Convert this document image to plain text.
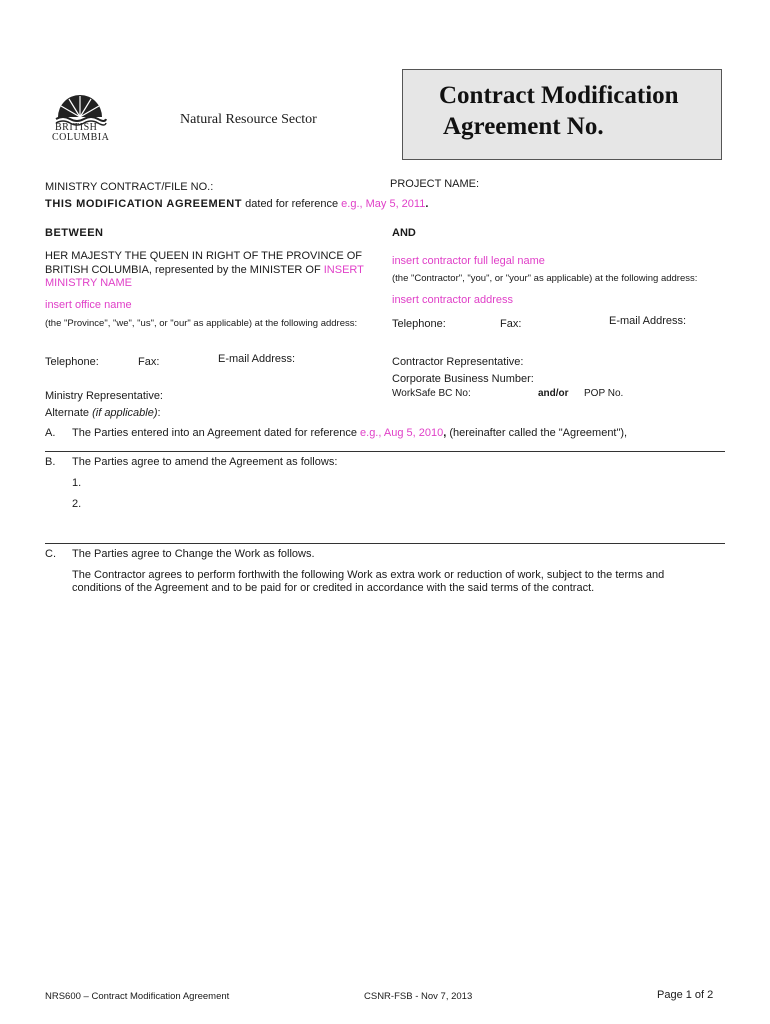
BRITISH
COLUMBIA
Natural Resource Sector
Contract Modification
Agreement No.
MINISTRY CONTRACT/FILE NO.:	PROJECT NAME:
THIS MODIFICATION AGREEMENT dated for reference e.g., May 5, 2011.
BETWEEN
HER MAJESTY THE QUEEN IN RIGHT OF THE PROVINCE OF
BRITISH COLUMBIA, represented by the MINISTER OF INSERT
MINISTRY NAME
insert office name
(the "Province", "we", "us", or "our" as applicable) at the following address:
Telephone:	Fax:	E-mail Address:
Ministry Representative:
Alternate (if applicable):
AND
insert contractor full legal name
(the "Contractor", "you", or "your" as applicable) at the following address:
insert contractor address
Telephone:	Fax:	E-mail Address:
Contractor Representative:
Corporate Business Number:
WorkSafe BC No:	and/or POP No.
A. The Parties entered into an Agreement dated for reference e.g., Aug 5, 2010, (hereinafter called the "Agreement"),
B. The Parties agree to amend the Agreement as follows:
1.
2.
C. The Parties agree to Change the Work as follows.
The Contractor agrees to perform forthwith the following Work as extra work or reduction of work, subject to the terms and
conditions of the Agreement and to be paid for or credited in accordance with the said terms of the contract.
NRS600 – Contract Modification Agreement	CSNR-FSB - Nov 7, 2013	Page 1 of 2
